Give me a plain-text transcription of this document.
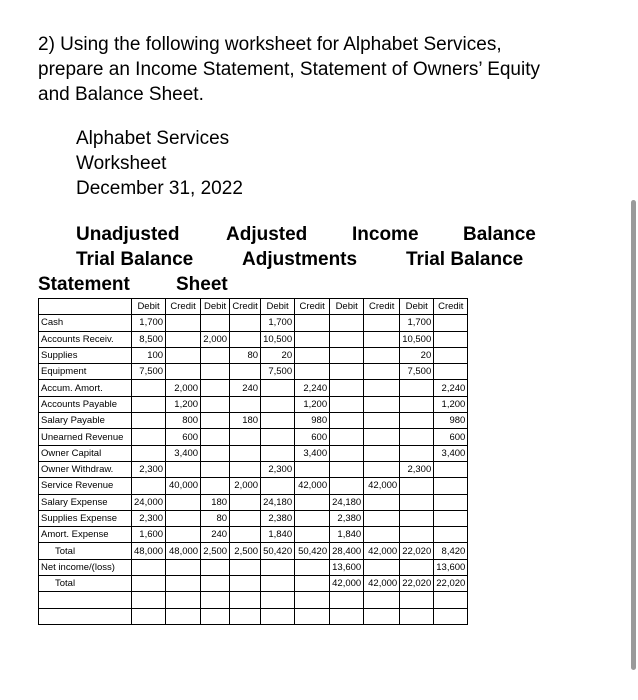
2) Using the following worksheet for Alphabet Services,
prepare an Income Statement, Statement of Owners’ Equity
and Balance Sheet.
Alphabet Services
Worksheet
December 31, 2022
Unadjusted Adjusted Income Balance
Trial Balance	Adjustments	Trial Balance
Statement Sheet
	Debit	Credit	Debit	Credit	Debit	Credit	Debit	Credit	Debit	Credit
Cash	1,700				1,700				1,700	
Accounts Receiv.	8,500		2,000		10,500				10,500	
Supplies	100			80	20				20	
Equipment	7,500				7,500				7,500	
Accum. Amort.		2,000		240		2,240				2,240
Accounts Payable		1,200				1,200				1,200
Salary Payable		800		180		980				980
Unearned Revenue		600				600				600
Owner Capital		3,400				3,400				3,400
Owner Withdraw.	2,300				2,300				2,300	
Service Revenue		40,000		2,000		42,000		42,000		
Salary Expense	24,000		180		24,180		24,180			
Supplies Expense	2,300		80		2,380		2,380			
Amort. Expense	1,600		240		1,840		1,840			
Total	48,000	48,000	2,500	2,500	50,420	50,420	28,400	42,000	22,020	8,420
Net income/(loss)							13,600			13,600
Total							42,000	42,000	22,020	22,020
